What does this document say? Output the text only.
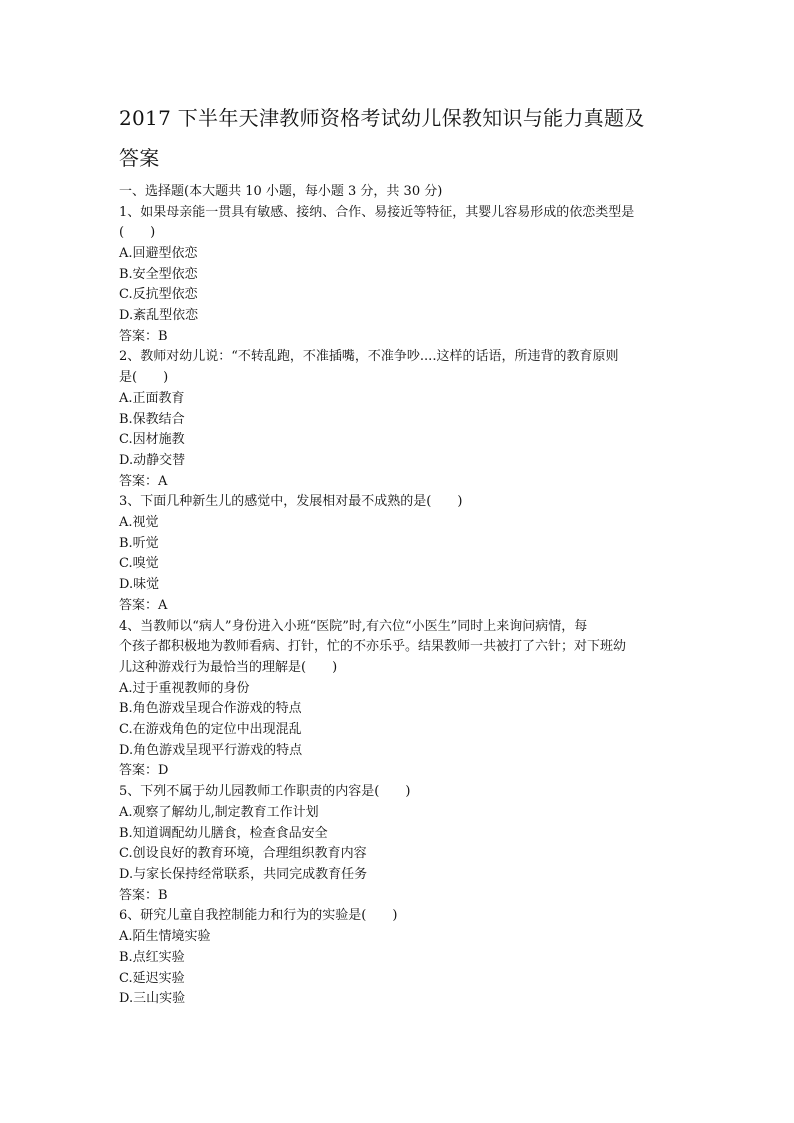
2017 下半年天津教师资格考试幼儿保教知识与能力真题及
答案
一、选择题(本大题共 10 小题，每小题 3 分，共 30 分)
1、如果母亲能一贯具有敏感、接纳、合作、易接近等特征，其婴儿容易形成的依恋类型是
(　　)
A.回避型依恋
B.安全型依恋
C.反抗型依恋
D.紊乱型依恋
答案：B
2、教师对幼儿说：“不转乱跑，不准插嘴，不准争吵....这样的话语，所违背的教育原则
是(　　)
A.正面教育
B.保教结合
C.因材施教
D.动静交替
答案：A
3、下面几种新生儿的感觉中，发展相对最不成熟的是(　　)
A.视觉
B.听觉
C.嗅觉
D.味觉
答案：A
4、当教师以“病人”身份进入小班“医院”时,有六位“小医生”同时上来询问病情，每
个孩子都积极地为教师看病、打针，忙的不亦乐乎。结果教师一共被打了六针；对下班幼
儿这种游戏行为最恰当的理解是(　　)
A.过于重视教师的身份
B.角色游戏呈现合作游戏的特点
C.在游戏角色的定位中出现混乱
D.角色游戏呈现平行游戏的特点
答案：D
5、下列不属于幼儿园教师工作职责的内容是(　　)
A.观察了解幼儿,制定教育工作计划
B.知道调配幼儿膳食，检查食品安全
C.创设良好的教育环境，合理组织教育内容
D.与家长保持经常联系，共同完成教育任务
答案：B
6、研究儿童自我控制能力和行为的实验是(　　)
A.陌生情境实验
B.点红实验
C.延迟实验
D.三山实验
